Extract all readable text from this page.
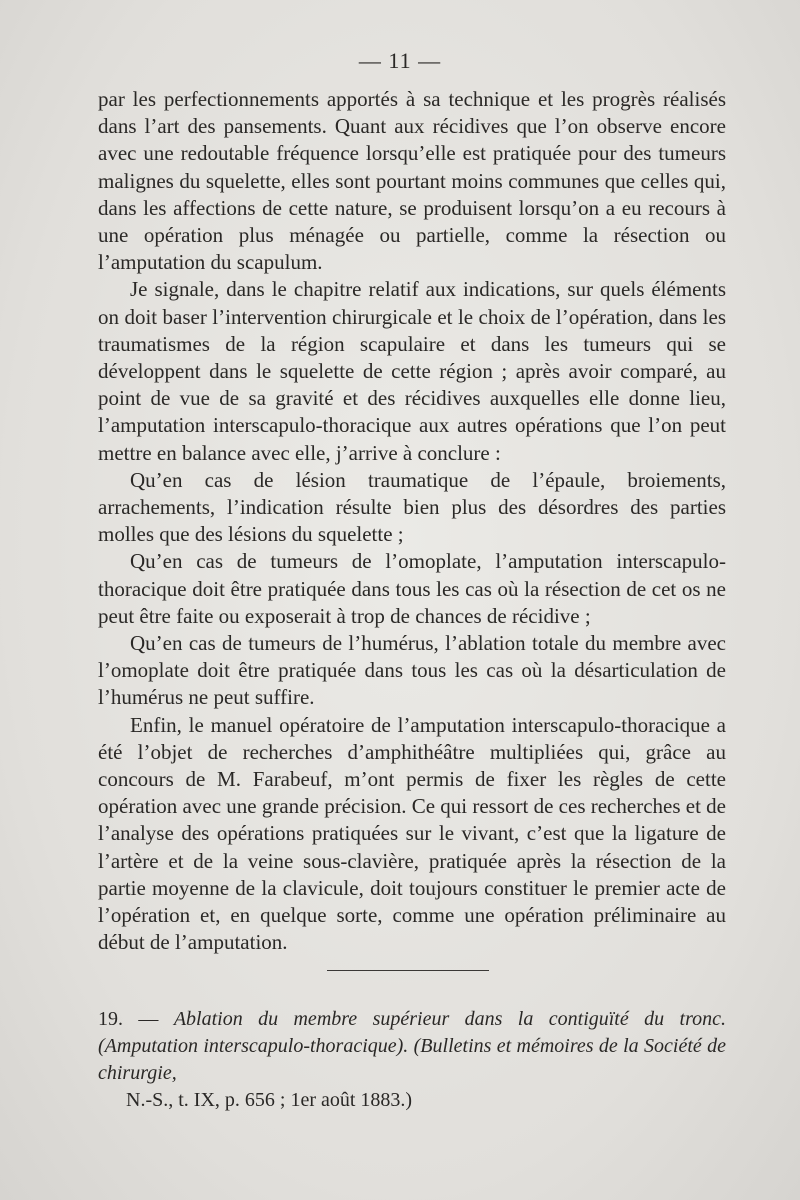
— 11 —

par les perfectionnements apportés à sa technique et les progrès réalisés dans l’art des pansements. Quant aux récidives que l’on observe encore avec une redoutable fréquence lorsqu’elle est pratiquée pour des tumeurs malignes du squelette, elles sont pourtant moins communes que celles qui, dans les affections de cette nature, se produisent lorsqu’on a eu recours à une opération plus ménagée ou partielle, comme la résection ou l’amputation du scapulum.

Je signale, dans le chapitre relatif aux indications, sur quels éléments on doit baser l’intervention chirurgicale et le choix de l’opération, dans les traumatismes de la région scapulaire et dans les tumeurs qui se développent dans le squelette de cette région ; après avoir comparé, au point de vue de sa gravité et des récidives auxquelles elle donne lieu, l’amputation interscapulo-thoracique aux autres opérations que l’on peut mettre en balance avec elle, j’arrive à conclure :

Qu’en cas de lésion traumatique de l’épaule, broiements, arrachements, l’indication résulte bien plus des désordres des parties molles que des lésions du squelette ;

Qu’en cas de tumeurs de l’omoplate, l’amputation interscapulo-thoracique doit être pratiquée dans tous les cas où la résection de cet os ne peut être faite ou exposerait à trop de chances de récidive ;

Qu’en cas de tumeurs de l’humérus, l’ablation totale du membre avec l’omoplate doit être pratiquée dans tous les cas où la désarticulation de l’humérus ne peut suffire.

Enfin, le manuel opératoire de l’amputation interscapulo-thoracique a été l’objet de recherches d’amphithéâtre multipliées qui, grâce au concours de M. Farabeuf, m’ont permis de fixer les règles de cette opération avec une grande précision. Ce qui ressort de ces recherches et de l’analyse des opérations pratiquées sur le vivant, c’est que la ligature de l’artère et de la veine sous-clavière, pratiquée après la résection de la partie moyenne de la clavicule, doit toujours constituer le premier acte de l’opération et, en quelque sorte, comme une opération préliminaire au début de l’amputation.

19. — Ablation du membre supérieur dans la contiguïté du tronc. (Amputation interscapulo-thoracique). (Bulletins et mémoires de la Société de chirurgie,

N.-S., t. IX, p. 656 ; 1er août 1883.)
